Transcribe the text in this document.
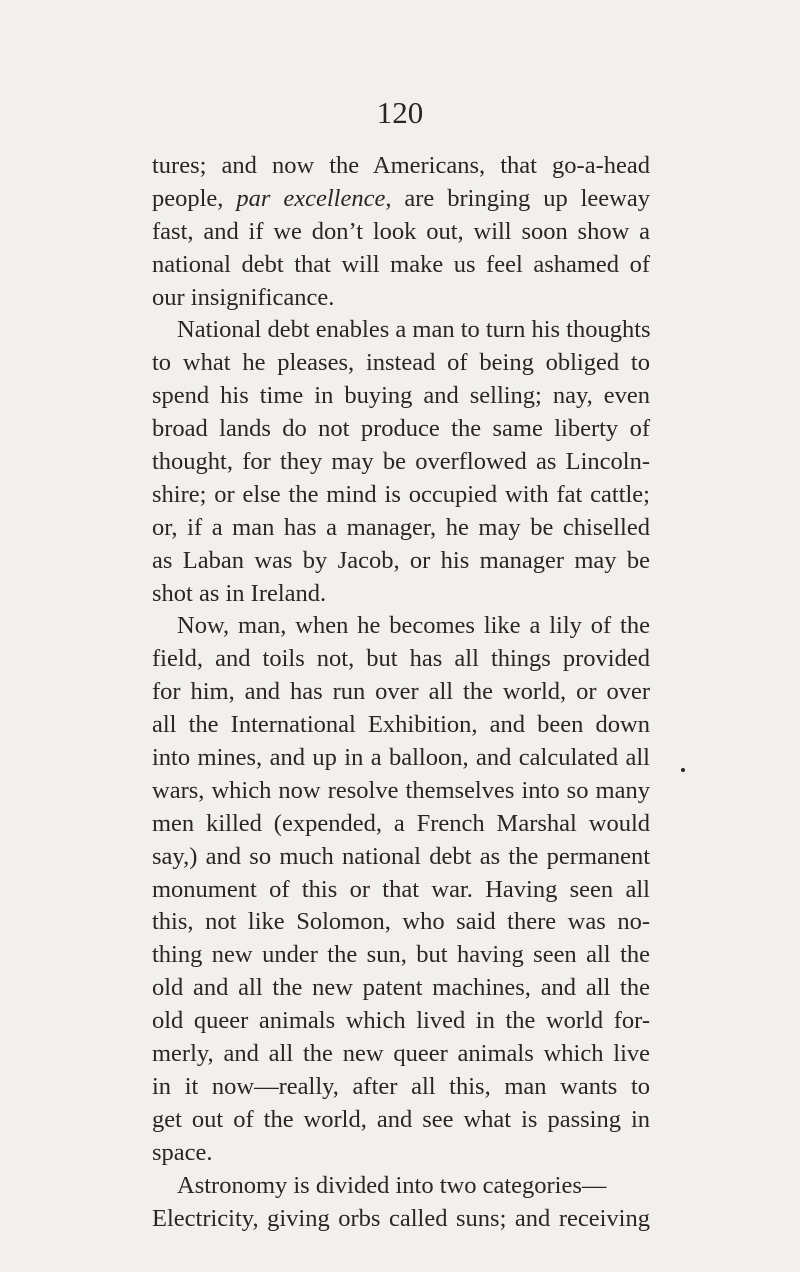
120
tures; and now the Americans, that go-a-head
people, par excellence, are bringing up leeway
fast, and if we don’t look out, will soon show a
national debt that will make us feel ashamed of
our insignificance.
National debt enables a man to turn his thoughts
to what he pleases, instead of being obliged to
spend his time in buying and selling; nay, even
broad lands do not produce the same liberty of
thought, for they may be overflowed as Lincoln-
shire; or else the mind is occupied with fat cattle;
or, if a man has a manager, he may be chiselled
as Laban was by Jacob, or his manager may be
shot as in Ireland.
Now, man, when he becomes like a lily of the
field, and toils not, but has all things provided
for him, and has run over all the world, or over
all the International Exhibition, and been down
into mines, and up in a balloon, and calculated all
wars, which now resolve themselves into so many
men killed (expended, a French Marshal would
say,) and so much national debt as the permanent
monument of this or that war. Having seen all
this, not like Solomon, who said there was no-
thing new under the sun, but having seen all the
old and all the new patent machines, and all the
old queer animals which lived in the world for-
merly, and all the new queer animals which live
in it now—really, after all this, man wants to
get out of the world, and see what is passing in
space.
Astronomy is divided into two categories—
Electricity, giving orbs called suns; and receiving
